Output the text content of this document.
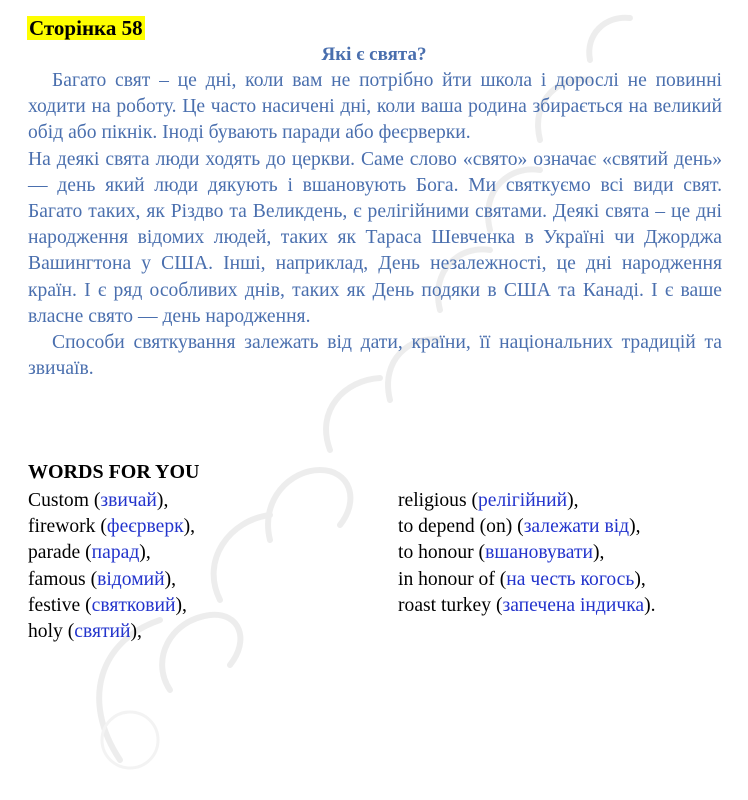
Сторінка 58
Які є свята?

Багато свят – це дні, коли вам не потрібно йти школа і дорослі не повинні ходити на роботу. Це часто насичені дні, коли ваша родина збирається на великий обід або пікнік. Іноді бувають паради або феєрверки.

На деякі свята люди ходять до церкви. Саме слово «свято» означає «святий день» — день який люди дякують і вшановують Бога. Ми святкуємо всі види свят. Багато таких, як Різдво та Великдень, є релігійними святами. Деякі свята – це дні народження відомих людей, таких як Тараса Шевченка в Україні чи Джорджа Вашингтона у США. Інші, наприклад, День незалежності, це дні народження країн. І є ряд особливих днів, таких як День подяки в США та Канаді. І є ваше власне свято — день народження.

Способи святкування залежать від дати, країни, її національних традицій та звичаїв.

WORDS FOR YOU
Custom (звичай),
firework (феєрверк),
parade (парад),
famous (відомий),
festive (святковий),
holy (святий),
religious (релігійний),
to depend (on) (залежати від),
to honour (вшановувати),
in honour of (на честь когось),
roast turkey (запечена індичка).
